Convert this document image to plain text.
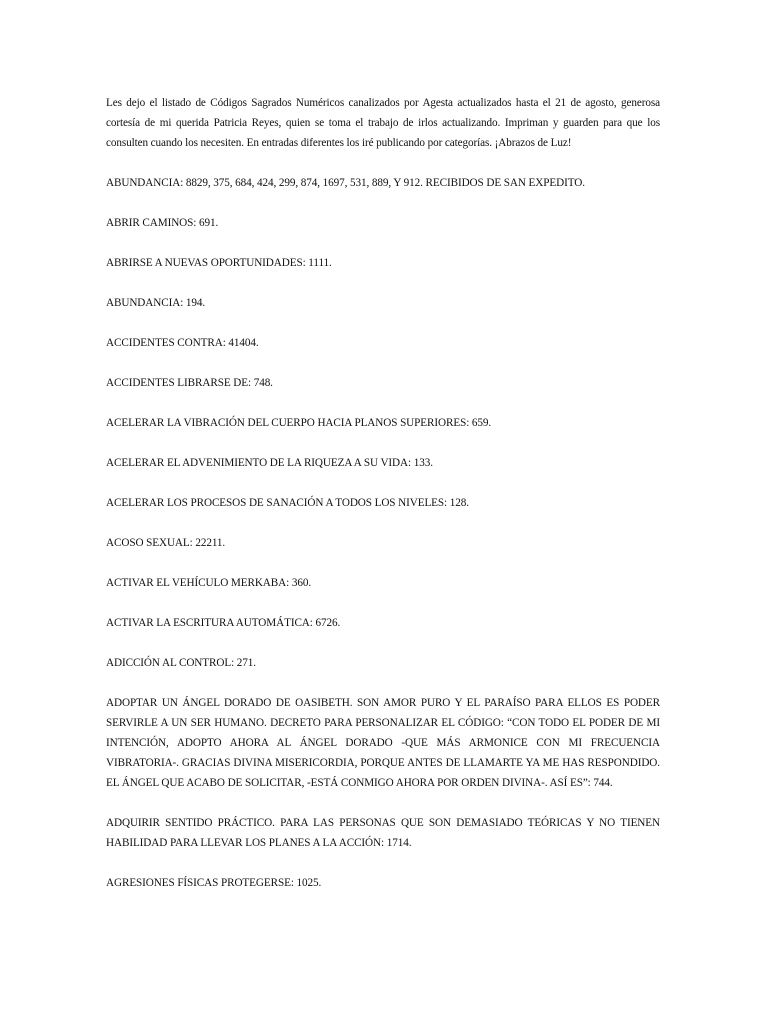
Les dejo el listado de Códigos Sagrados Numéricos canalizados por Agesta actualizados hasta el 21 de agosto, generosa cortesía de mi querida Patricia Reyes, quien se toma el trabajo de irlos actualizando. Impriman y guarden para que los consulten cuando los necesiten. En entradas diferentes los iré publicando por categorías. ¡Abrazos de Luz!

ABUNDANCIA: 8829, 375, 684, 424, 299, 874, 1697, 531, 889, Y 912. RECIBIDOS DE SAN EXPEDITO.

ABRIR CAMINOS: 691.

ABRIRSE A NUEVAS OPORTUNIDADES: 1111.

ABUNDANCIA: 194.

ACCIDENTES CONTRA: 41404.

ACCIDENTES LIBRARSE DE: 748.

ACELERAR LA VIBRACIÓN DEL CUERPO HACIA PLANOS SUPERIORES: 659.

ACELERAR EL ADVENIMIENTO DE LA RIQUEZA A SU VIDA: 133.

ACELERAR LOS PROCESOS DE SANACIÓN A TODOS LOS NIVELES: 128.

ACOSO SEXUAL: 22211.

ACTIVAR EL VEHÍCULO MERKABA: 360.

ACTIVAR LA ESCRITURA AUTOMÁTICA: 6726.

ADICCIÓN AL CONTROL: 271.

ADOPTAR UN ÁNGEL DORADO DE OASIBETH. SON AMOR PURO Y EL PARAÍSO PARA ELLOS ES PODER SERVIRLE A UN SER HUMANO. DECRETO PARA PERSONALIZAR EL CÓDIGO: “CON TODO EL PODER DE MI INTENCIÓN, ADOPTO AHORA AL ÁNGEL DORADO -QUE MÁS ARMONICE CON MI FRECUENCIA VIBRATORIA-. GRACIAS DIVINA MISERICORDIA, PORQUE ANTES DE LLAMARTE YA ME HAS RESPONDIDO. EL ÁNGEL QUE ACABO DE SOLICITAR, -ESTÁ CONMIGO AHORA POR ORDEN DIVINA-. ASÍ ES”: 744.

ADQUIRIR SENTIDO PRÁCTICO. PARA LAS PERSONAS QUE SON DEMASIADO TEÓRICAS Y NO TIENEN HABILIDAD PARA LLEVAR LOS PLANES A LA ACCIÓN: 1714.

AGRESIONES FÍSICAS PROTEGERSE: 1025.
